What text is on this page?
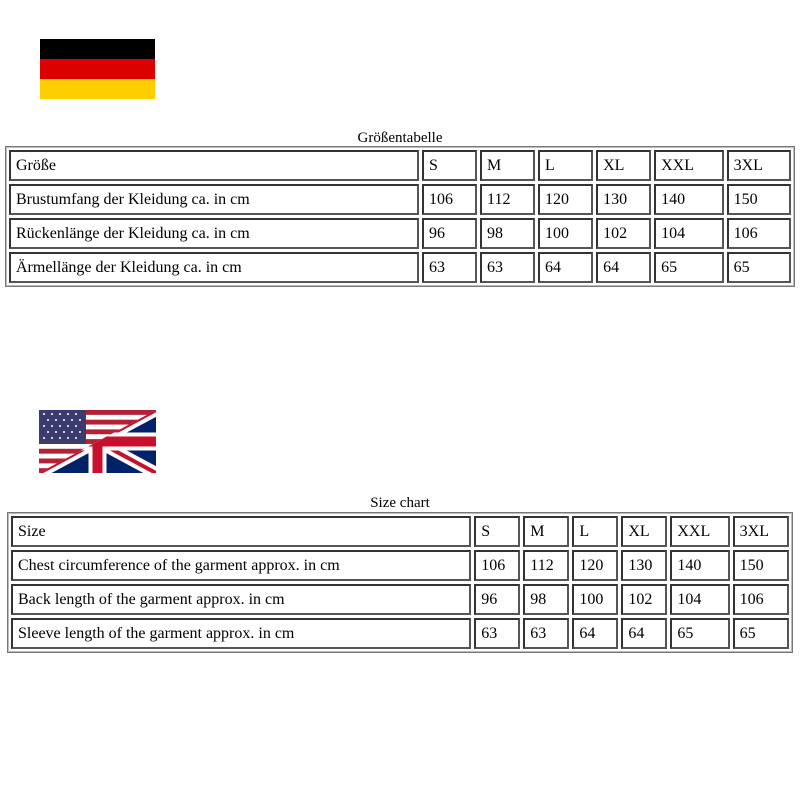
Größentabelle
Größe	S	M	L	XL	XXL	3XL
Brustumfang der Kleidung ca. in cm	106	112	120	130	140	150
Rückenlänge der Kleidung ca. in cm	96	98	100	102	104	106
Ärmellänge der Kleidung ca. in cm	63	63	64	64	65	65
Size chart
Size	S	M	L	XL	XXL	3XL
Chest circumference of the garment approx. in cm	106	112	120	130	140	150
Back length of the garment approx. in cm	96	98	100	102	104	106
Sleeve length of the garment approx. in cm	63	63	64	64	65	65
